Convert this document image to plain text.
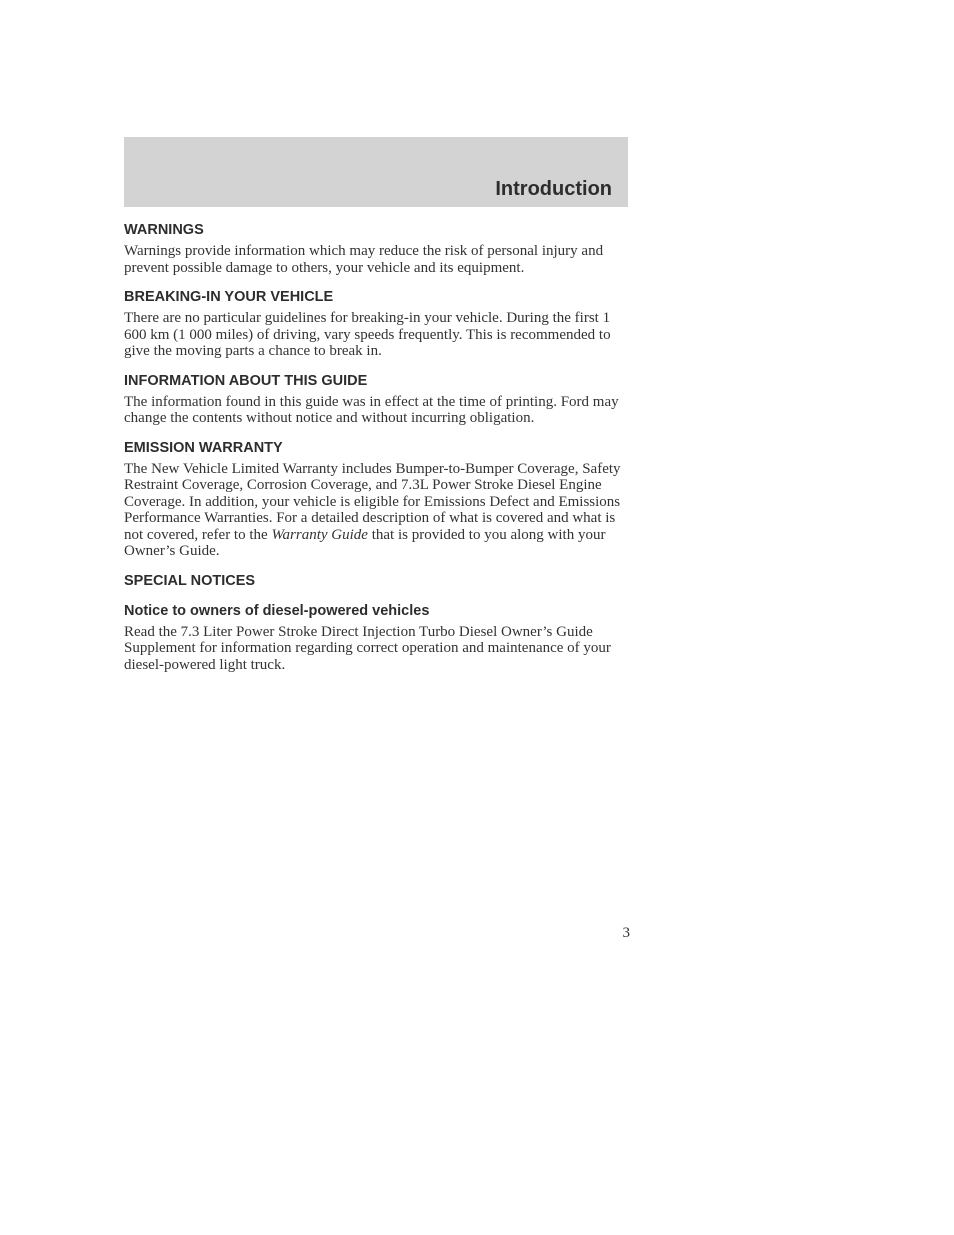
Introduction
WARNINGS

Warnings provide information which may reduce the risk of personal injury and prevent possible damage to others, your vehicle and its equipment.

BREAKING-IN YOUR VEHICLE

There are no particular guidelines for breaking-in your vehicle. During the first 1 600 km (1 000 miles) of driving, vary speeds frequently. This is recommended to give the moving parts a chance to break in.

INFORMATION ABOUT THIS GUIDE

The information found in this guide was in effect at the time of printing. Ford may change the contents without notice and without incurring obligation.

EMISSION WARRANTY

The New Vehicle Limited Warranty includes Bumper-to-Bumper Coverage, Safety Restraint Coverage, Corrosion Coverage, and 7.3L Power Stroke Diesel Engine Coverage. In addition, your vehicle is eligible for Emissions Defect and Emissions Performance Warranties. For a detailed description of what is covered and what is not covered, refer to the Warranty Guide that is provided to you along with your Owner’s Guide.

SPECIAL NOTICES
Notice to owners of diesel-powered vehicles

Read the 7.3 Liter Power Stroke Direct Injection Turbo Diesel Owner’s Guide Supplement for information regarding correct operation and maintenance of your diesel-powered light truck.

3
